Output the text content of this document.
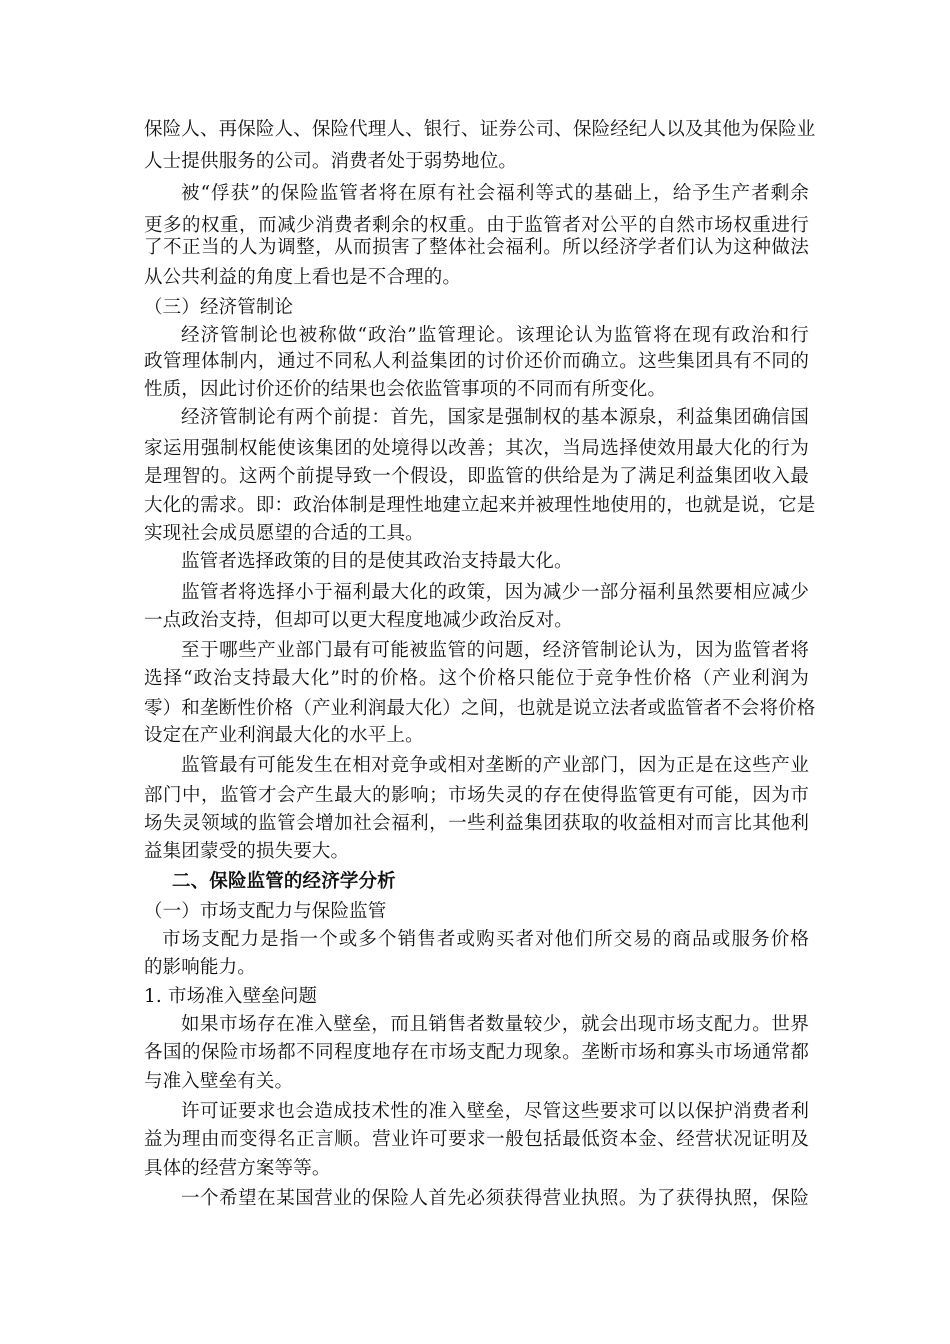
保险人、再保险人、保险代理人、银行、证券公司、保险经纪人以及其他为保险业
人士提供服务的公司。消费者处于弱势地位。
被“俘获”的保险监管者将在原有社会福利等式的基础上，给予生产者剩余
更多的权重，而减少消费者剩余的权重。由于监管者对公平的自然市场权重进行
了不正当的人为调整，从而损害了整体社会福利。所以经济学者们认为这种做法
从公共利益的角度上看也是不合理的。
（三）经济管制论
经济管制论也被称做“政治”监管理论。该理论认为监管将在现有政治和行
政管理体制内，通过不同私人利益集团的讨价还价而确立。这些集团具有不同的
性质，因此讨价还价的结果也会依监管事项的不同而有所变化。
经济管制论有两个前提：首先，国家是强制权的基本源泉，利益集团确信国
家运用强制权能使该集团的处境得以改善；其次，当局选择使效用最大化的行为
是理智的。这两个前提导致一个假设，即监管的供给是为了满足利益集团收入最
大化的需求。即：政治体制是理性地建立起来并被理性地使用的，也就是说，它是
实现社会成员愿望的合适的工具。
监管者选择政策的目的是使其政治支持最大化。
监管者将选择小于福利最大化的政策，因为减少一部分福利虽然要相应减少
一点政治支持，但却可以更大程度地减少政治反对。
至于哪些产业部门最有可能被监管的问题，经济管制论认为，因为监管者将
选择“政治支持最大化”时的价格。这个价格只能位于竞争性价格（产业利润为
零）和垄断性价格（产业利润最大化）之间，也就是说立法者或监管者不会将价格
设定在产业利润最大化的水平上。
监管最有可能发生在相对竞争或相对垄断的产业部门，因为正是在这些产业
部门中，监管才会产生最大的影响；市场失灵的存在使得监管更有可能，因为市
场失灵领域的监管会增加社会福利，一些利益集团获取的收益相对而言比其他利
益集团蒙受的损失要大。
二、保险监管的经济学分析
（一）市场支配力与保险监管
市场支配力是指一个或多个销售者或购买者对他们所交易的商品或服务价格
的影响能力。
1. 市场准入壁垒问题
如果市场存在准入壁垒，而且销售者数量较少，就会出现市场支配力。世界
各国的保险市场都不同程度地存在市场支配力现象。垄断市场和寡头市场通常都
与准入壁垒有关。
许可证要求也会造成技术性的准入壁垒，尽管这些要求可以以保护消费者利
益为理由而变得名正言顺。营业许可要求一般包括最低资本金、经营状况证明及
具体的经营方案等等。
一个希望在某国营业的保险人首先必须获得营业执照。为了获得执照，保险
